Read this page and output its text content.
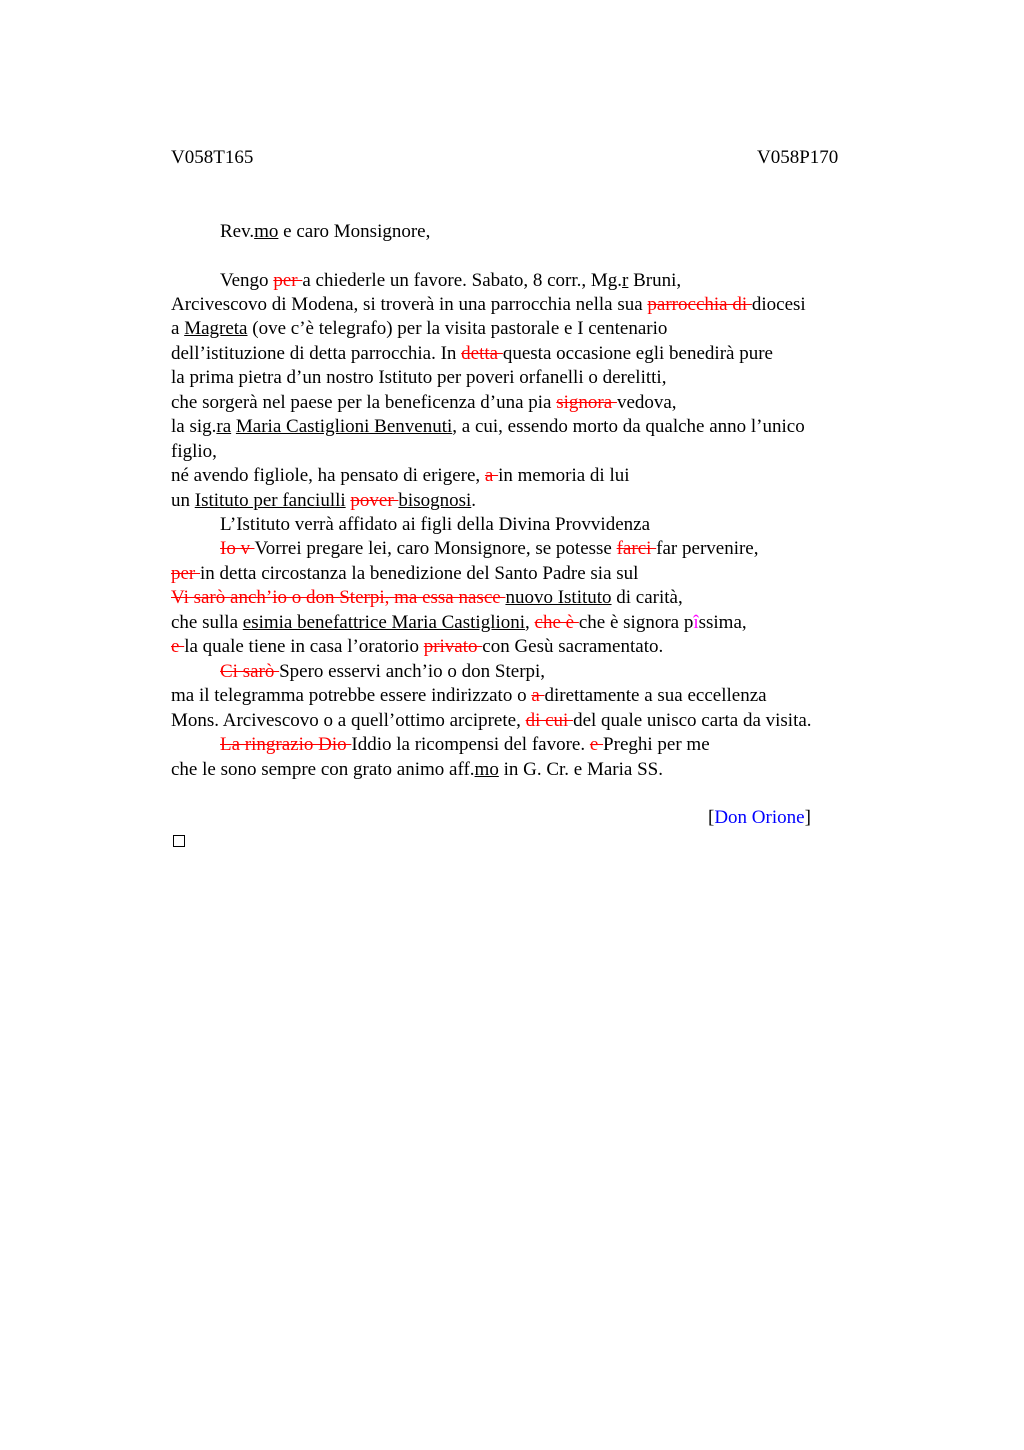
V058T165	V058P170
Rev.mo e caro Monsignore,
Vengo per a chiederle un favore. Sabato, 8 corr., Mg.r Bruni,
Arcivescovo di Modena, si troverà in una parrocchia nella sua parrocchia di diocesi
a Magreta (ove c’è telegrafo) per la visita pastorale e I centenario
dell’istituzione di detta parrocchia. In detta questa occasione egli benedirà pure
la prima pietra d’un nostro Istituto per poveri orfanelli o derelitti,
che sorgerà nel paese per la beneficenza d’una pia signora vedova,
la sig.ra Maria Castiglioni Benvenuti, a cui, essendo morto da qualche anno l’unico
figlio,
né avendo figliole, ha pensato di erigere, a in memoria di lui
un Istituto per fanciulli pover bisognosi.
L’Istituto verrà affidato ai figli della Divina Provvidenza
Io v Vorrei pregare lei, caro Monsignore, se potesse farci far pervenire,
per in detta circostanza la benedizione del Santo Padre sia sul
Vi sarò anch’io o don Sterpi, ma essa nasce nuovo Istituto di carità,
che sulla esimia benefattrice Maria Castiglioni, che è che è signora pîssima,
e la quale tiene in casa l’oratorio privato con Gesù sacramentato.
Ci sarò Spero esservi anch’io o don Sterpi,
ma il telegramma potrebbe essere indirizzato o a direttamente a sua eccellenza
Mons. Arcivescovo o a quell’ottimo arciprete, di cui del quale unisco carta da visita.
La ringrazio Dio Iddio la ricompensi del favore. e Preghi per me
che le sono sempre con grato animo aff.mo in G. Cr. e Maria SS.
[Don Orione]
